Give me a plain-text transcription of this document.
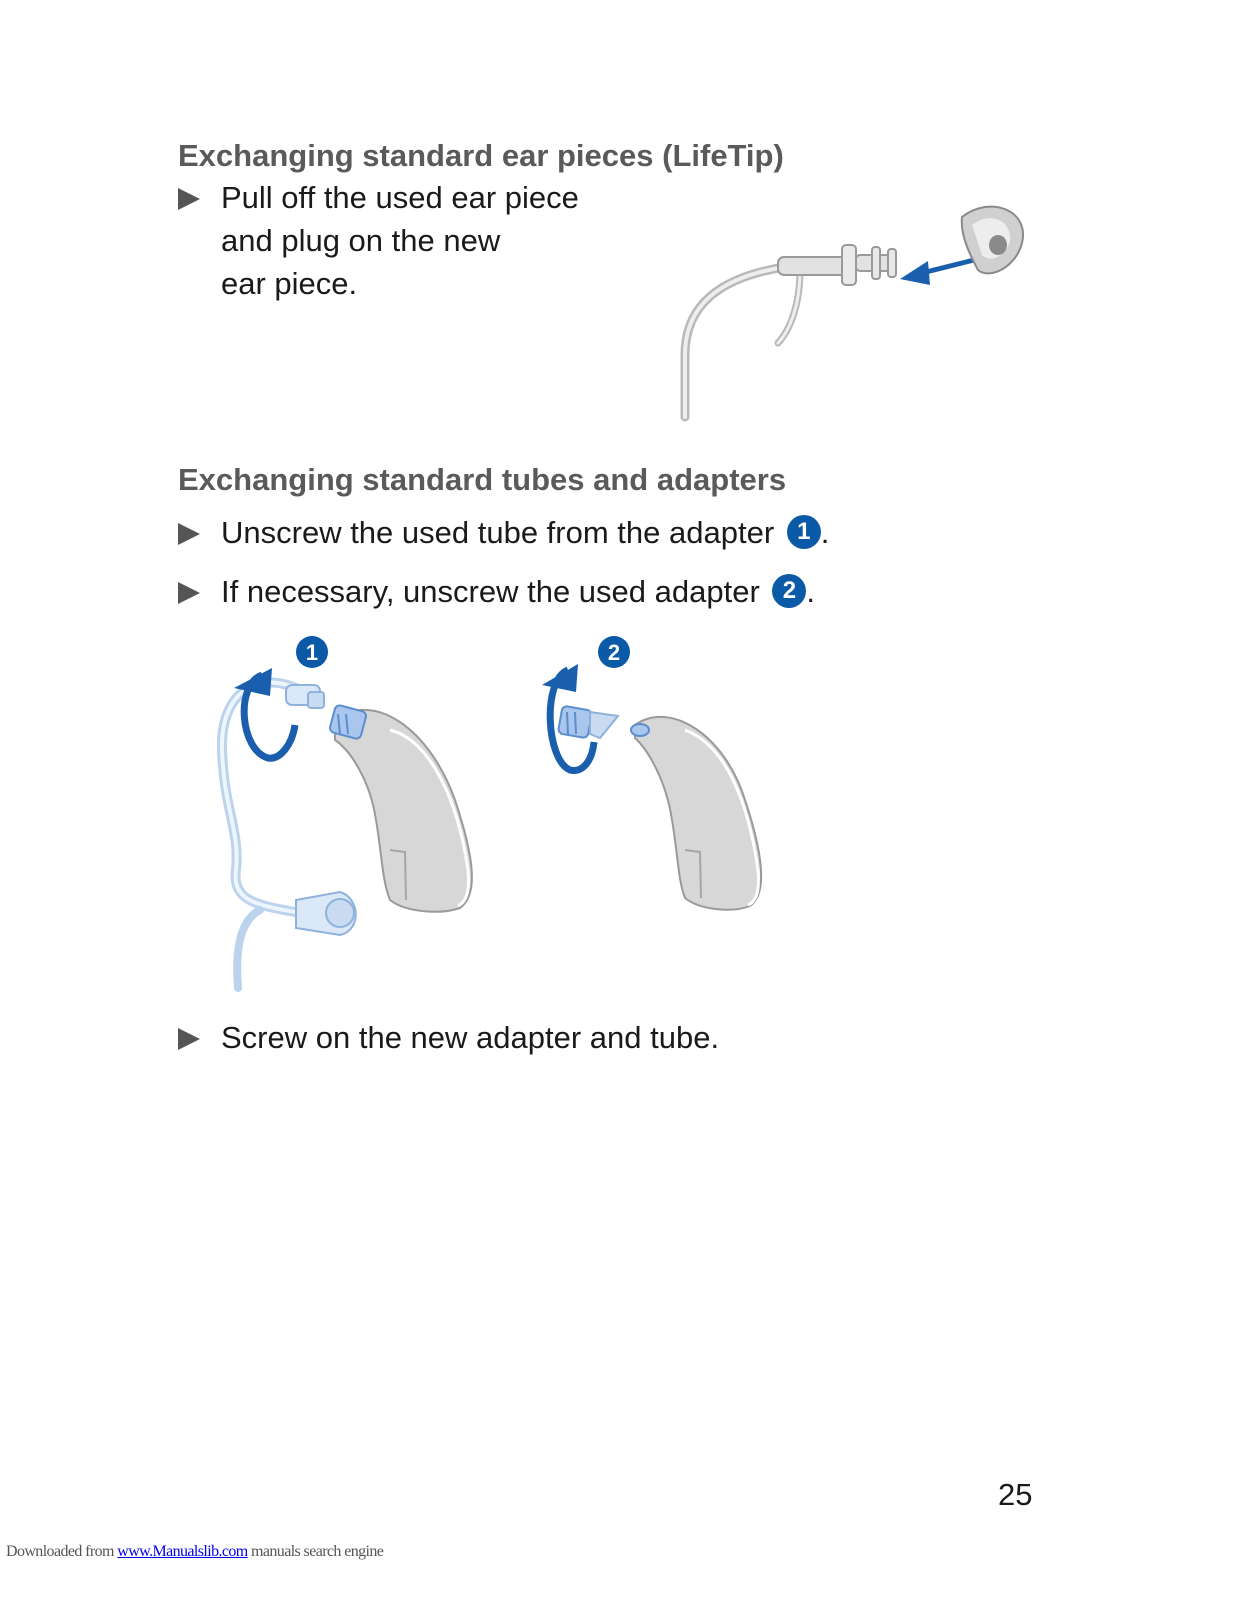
Exchanging standard ear pieces (LifeTip)
Pull off the used ear piece
and plug on the new
ear piece.
Exchanging standard tubes and adapters
Unscrew the used tube from the adapter 1 .
If necessary, unscrew the used adapter 2 .
1	2
Screw on the new adapter and tube.
25
Downloaded from www.Manualslib.com manuals search engine
